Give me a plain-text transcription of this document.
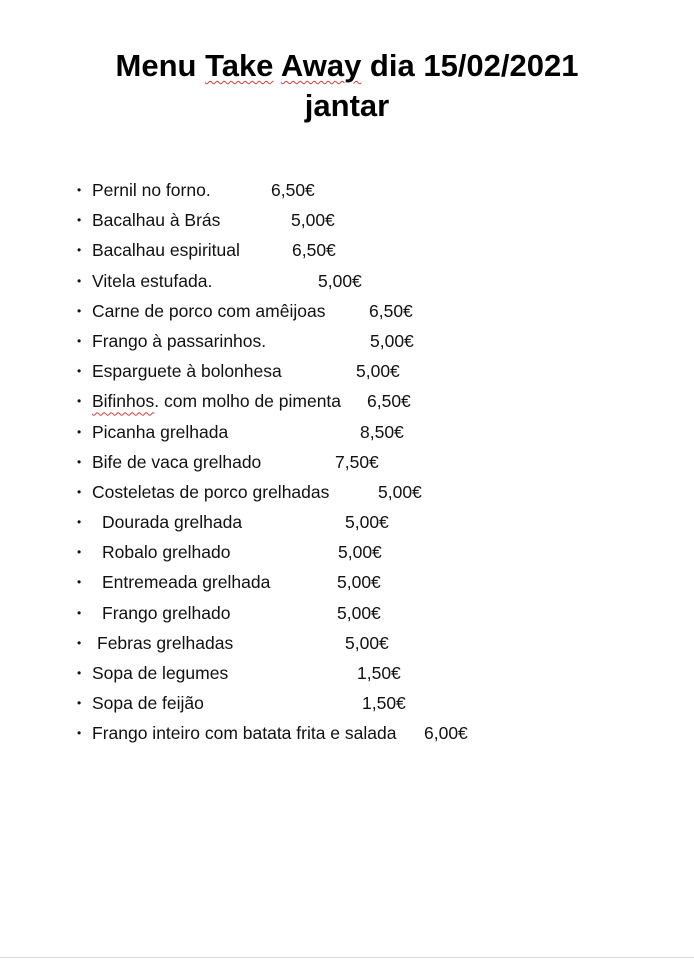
Menu Take Away dia 15/02/2021
jantar
• Pernil no forno.	6,50€
• Bacalhau à Brás	5,00€
• Bacalhau espiritual	6,50€
• Vitela estufada.	5,00€
• Carne de porco com amêijoas 6,50€
• Frango à passarinhos.	5,00€
• Esparguete à bolonhesa	5,00€
• Bifinhos. com molho de pimenta 6,50€
• Picanha grelhada	8,50€
• Bife de vaca grelhado	7,50€
• Costeletas de porco grelhadas	5,00€
• Dourada grelhada	5,00€
• Robalo grelhado	5,00€
• Entremeada grelhada	5,00€
• Frango grelhado	5,00€
• Febras grelhadas	5,00€
• Sopa de legumes	1,50€
• Sopa de feijão	1,50€
• Frango inteiro com batata frita e salada 6,00€
